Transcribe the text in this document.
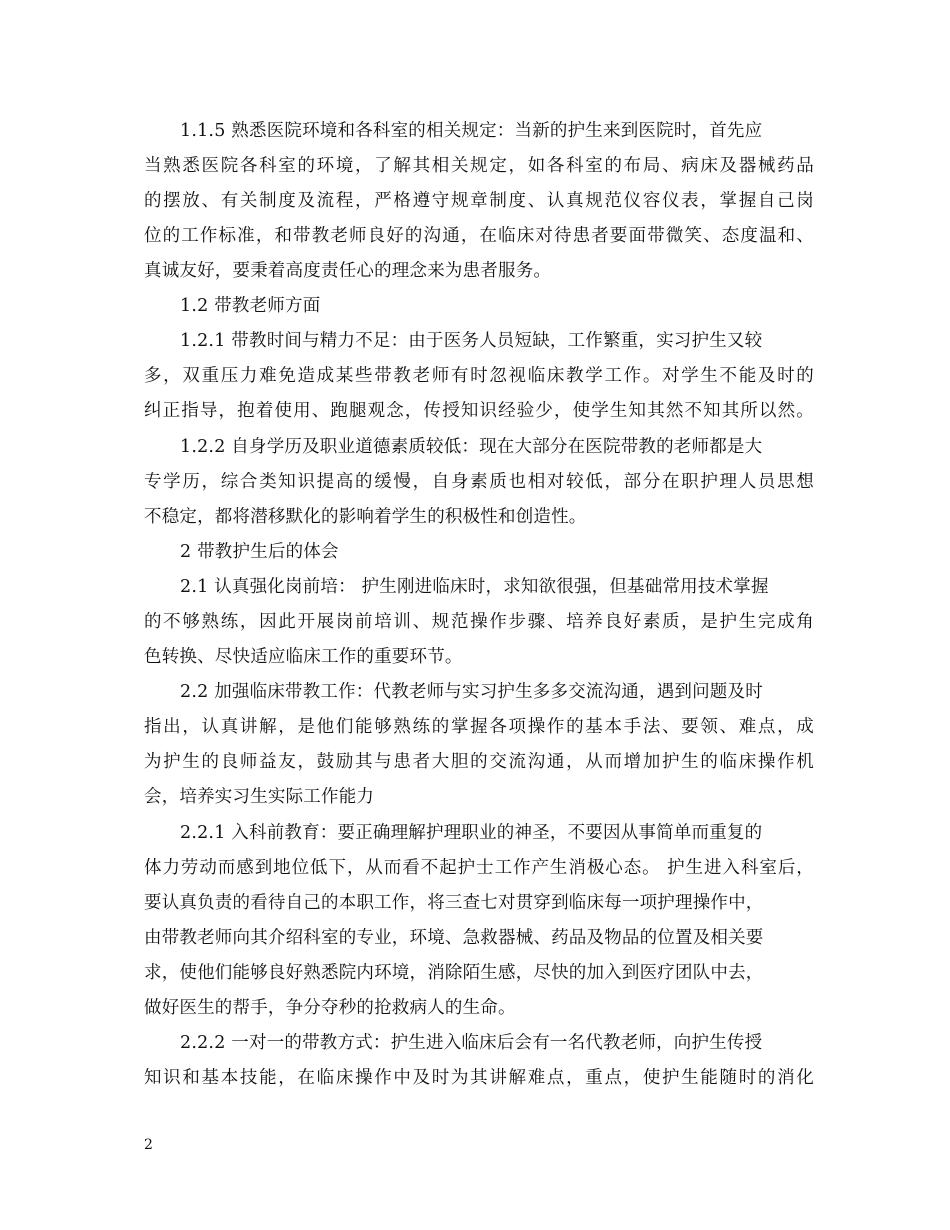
1.1.5 熟悉医院环境和各科室的相关规定：当新的护生来到医院时，首先应
当熟悉医院各科室的环境，了解其相关规定，如各科室的布局、病床及器械药品
的摆放、有关制度及流程，严格遵守规章制度、认真规范仪容仪表，掌握自己岗
位的工作标准，和带教老师良好的沟通，在临床对待患者要面带微笑、态度温和、
真诚友好，要秉着高度责任心的理念来为患者服务。
1.2 带教老师方面
1.2.1 带教时间与精力不足：由于医务人员短缺，工作繁重，实习护生又较
多，双重压力难免造成某些带教老师有时忽视临床教学工作。对学生不能及时的
纠正指导，抱着使用、跑腿观念，传授知识经验少，使学生知其然不知其所以然。
1.2.2 自身学历及职业道德素质较低：现在大部分在医院带教的老师都是大
专学历，综合类知识提高的缓慢，自身素质也相对较低，部分在职护理人员思想
不稳定，都将潜移默化的影响着学生的积极性和创造性。
2 带教护生后的体会
2.1 认真强化岗前培： 护生刚进临床时，求知欲很强，但基础常用技术掌握
的不够熟练，因此开展岗前培训、规范操作步骤、培养良好素质，是护生完成角
色转换、尽快适应临床工作的重要环节。
2.2 加强临床带教工作：代教老师与实习护生多多交流沟通，遇到问题及时
指出，认真讲解，是他们能够熟练的掌握各项操作的基本手法、要领、难点，成
为护生的良师益友，鼓励其与患者大胆的交流沟通，从而增加护生的临床操作机
会，培养实习生实际工作能力
2.2.1 入科前教育：要正确理解护理职业的神圣，不要因从事简单而重复的
体力劳动而感到地位低下，从而看不起护士工作产生消极心态。 护生进入科室后，
要认真负责的看待自己的本职工作，将三查七对贯穿到临床每一项护理操作中，
由带教老师向其介绍科室的专业，环境、急救器械、药品及物品的位置及相关要
求，使他们能够良好熟悉院内环境，消除陌生感，尽快的加入到医疗团队中去，
做好医生的帮手，争分夺秒的抢救病人的生命。
2.2.2 一对一的带教方式：护生进入临床后会有一名代教老师，向护生传授
知识和基本技能，在临床操作中及时为其讲解难点，重点，使护生能随时的消化
2
